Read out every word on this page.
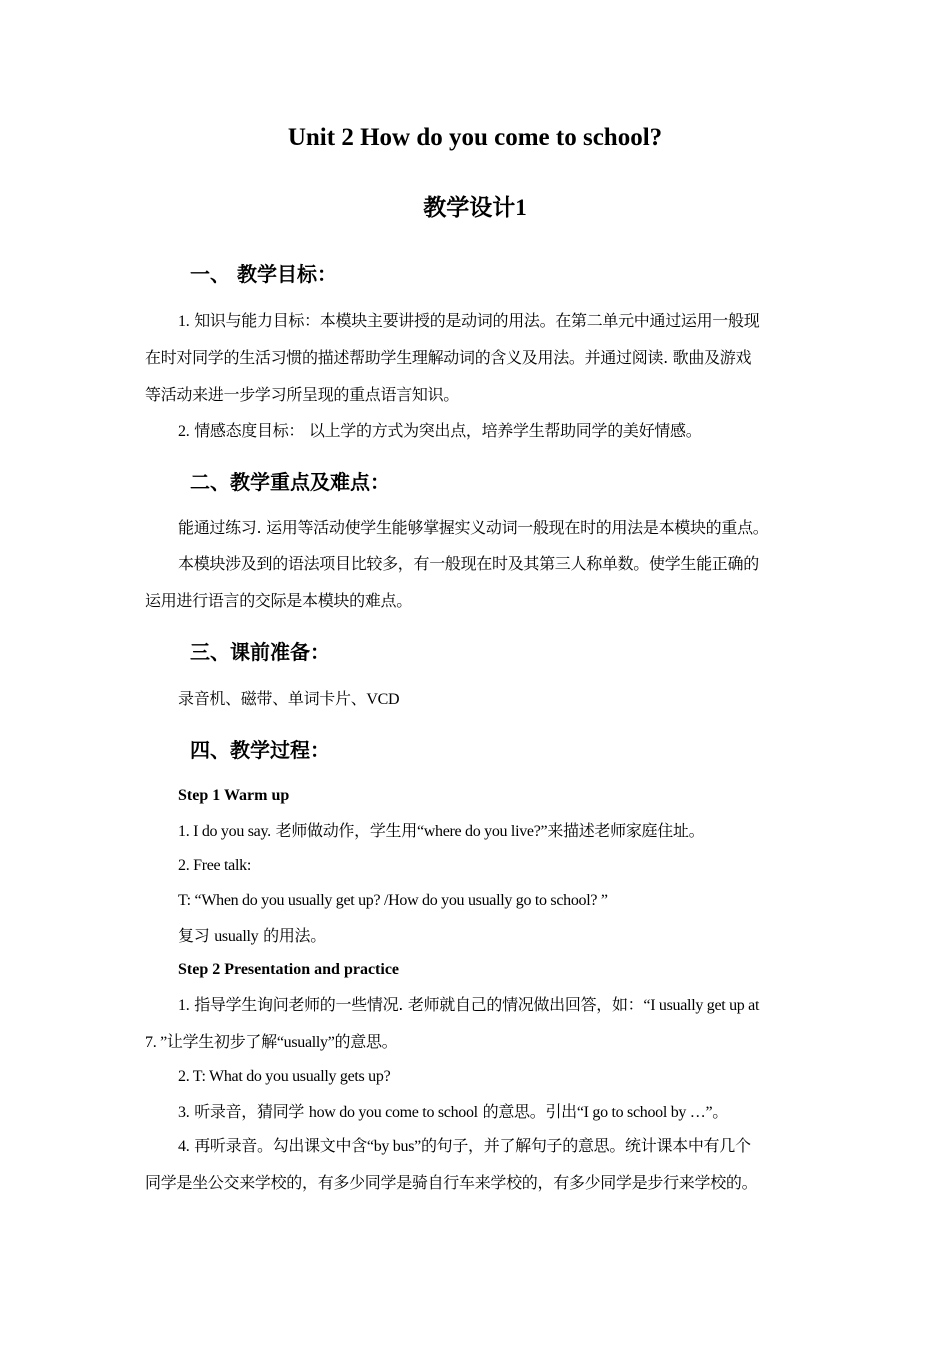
Unit 2 How do you come to school?
教学设计1
一、 教学目标：
1. 知识与能力目标：本模块主要讲授的是动词的用法。在第二单元中通过运用一般现
在时对同学的生活习惯的描述帮助学生理解动词的含义及用法。并通过阅读. 歌曲及游戏
等活动来进一步学习所呈现的重点语言知识。
2. 情感态度目标： 以上学的方式为突出点，培养学生帮助同学的美好情感。
二、教学重点及难点：
能通过练习. 运用等活动使学生能够掌握实义动词一般现在时的用法是本模块的重点。
本模块涉及到的语法项目比较多，有一般现在时及其第三人称单数。使学生能正确的
运用进行语言的交际是本模块的难点。
三、课前准备：
录音机、磁带、单词卡片、VCD
四、教学过程：
Step 1 Warm up
1. I do you say. 老师做动作，学生用“where do you live?”来描述老师家庭住址。
2. Free talk:
T: “When do you usually get up? /How do you usually go to school? ”
复习 usually 的用法。
Step 2 Presentation and practice
1. 指导学生询问老师的一些情况. 老师就自己的情况做出回答，如：“I usually get up at
7. ”让学生初步了解“usually”的意思。
2. T: What do you usually gets up?
3. 听录音，猜同学 how do you come to school 的意思。引出“I go to school by …”。
4. 再听录音。勾出课文中含“by bus”的句子，并了解句子的意思。统计课本中有几个
同学是坐公交来学校的，有多少同学是骑自行车来学校的，有多少同学是步行来学校的。
